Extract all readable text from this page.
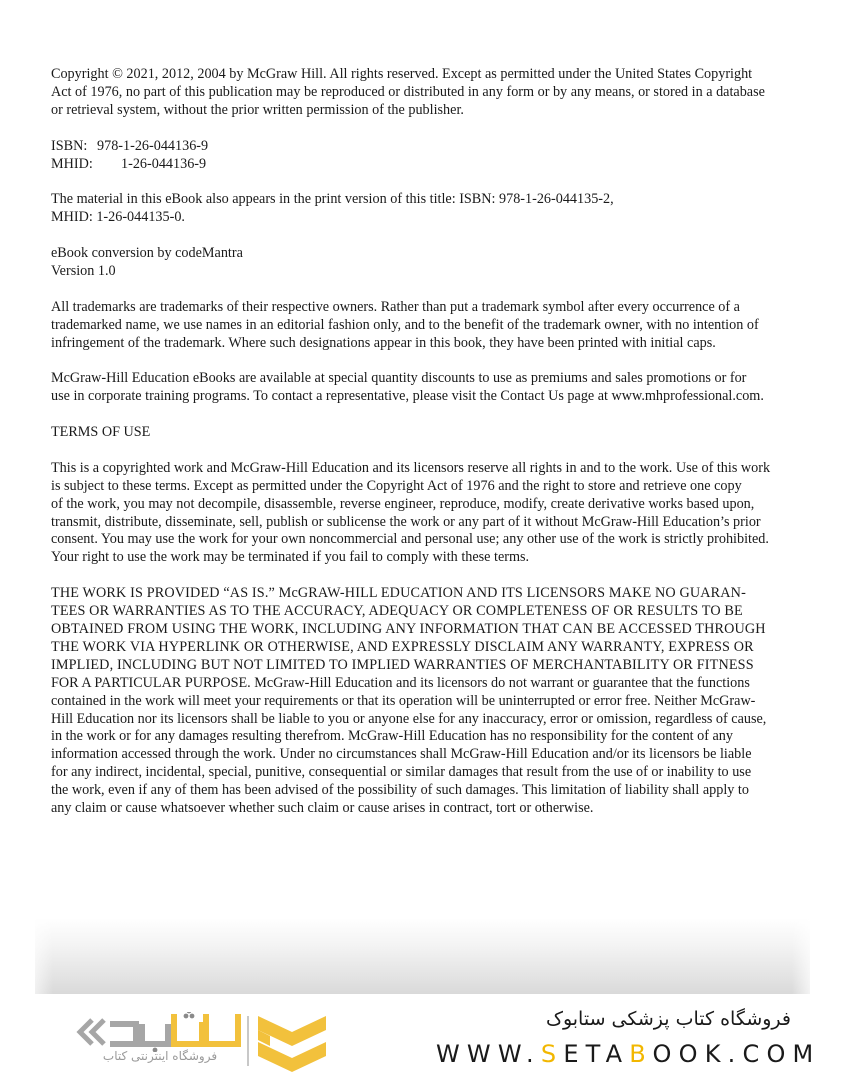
Copyright © 2021, 2012, 2004 by McGraw Hill. All rights reserved. Except as permitted under the United States Copyright
Act of 1976, no part of this publication may be reproduced or distributed in any form or by any means, or stored in a database
or retrieval system, without the prior written permission of the publisher.

ISBN: 978-1-26-044136-9
MHID: 1-26-044136-9

The material in this eBook also appears in the print version of this title: ISBN: 978-1-26-044135-2,
MHID: 1-26-044135-0.

eBook conversion by codeMantra
Version 1.0

All trademarks are trademarks of their respective owners. Rather than put a trademark symbol after every occurrence of a
trademarked name, we use names in an editorial fashion only, and to the benefit of the trademark owner, with no intention of
infringement of the trademark. Where such designations appear in this book, they have been printed with initial caps.

McGraw-Hill Education eBooks are available at special quantity discounts to use as premiums and sales promotions or for
use in corporate training programs. To contact a representative, please visit the Contact Us page at www.mhprofessional.com.

TERMS OF USE

This is a copyrighted work and McGraw-Hill Education and its licensors reserve all rights in and to the work. Use of this work
is subject to these terms. Except as permitted under the Copyright Act of 1976 and the right to store and retrieve one copy
of the work, you may not decompile, disassemble, reverse engineer, reproduce, modify, create derivative works based upon,
transmit, distribute, disseminate, sell, publish or sublicense the work or any part of it without McGraw-Hill Education’s prior
consent. You may use the work for your own noncommercial and personal use; any other use of the work is strictly prohibited.
Your right to use the work may be terminated if you fail to comply with these terms.

THE WORK IS PROVIDED “AS IS.” McGRAW-HILL EDUCATION AND ITS LICENSORS MAKE NO GUARAN-
TEES OR WARRANTIES AS TO THE ACCURACY, ADEQUACY OR COMPLETENESS OF OR RESULTS TO BE
OBTAINED FROM USING THE WORK, INCLUDING ANY INFORMATION THAT CAN BE ACCESSED THROUGH
THE WORK VIA HYPERLINK OR OTHERWISE, AND EXPRESSLY DISCLAIM ANY WARRANTY, EXPRESS OR
IMPLIED, INCLUDING BUT NOT LIMITED TO IMPLIED WARRANTIES OF MERCHANTABILITY OR FITNESS
FOR A PARTICULAR PURPOSE. McGraw-Hill Education and its licensors do not warrant or guarantee that the functions
contained in the work will meet your requirements or that its operation will be uninterrupted or error free. Neither McGraw-
Hill Education nor its licensors shall be liable to you or anyone else for any inaccuracy, error or omission, regardless of cause,
in the work or for any damages resulting therefrom. McGraw-Hill Education has no responsibility for the content of any
information accessed through the work. Under no circumstances shall McGraw-Hill Education and/or its licensors be liable
for any indirect, incidental, special, punitive, consequential or similar damages that result from the use of or inability to use
the work, even if any of them has been advised of the possibility of such damages. This limitation of liability shall apply to
any claim or cause whatsoever whether such claim or cause arises in contract, tort or otherwise.

فروشگاه اینترنتی کتاب
فروشگاه کتاب پزشکی ستابوک
WWW.SETABOOK.COM
